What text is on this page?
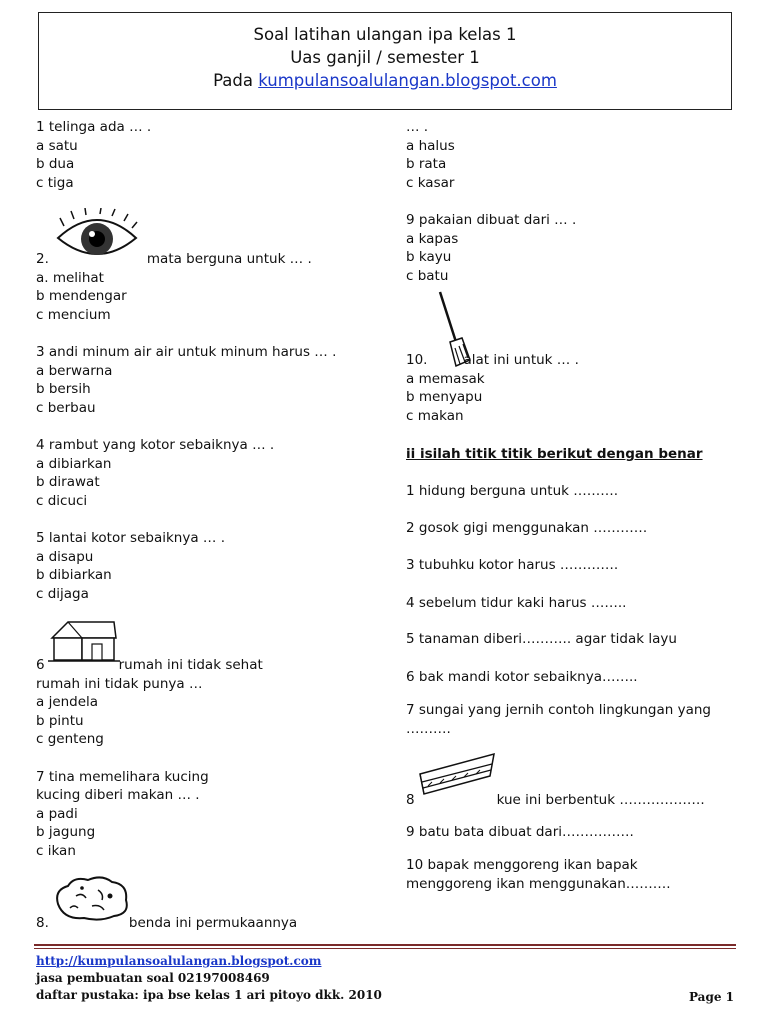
Soal latihan ulangan ipa kelas 1
Uas ganjil / semester 1
Pada kumpulansoalulangan.blogspot.com
1 telinga ada … .
a satu
b dua
c tiga
2.	mata berguna untuk … .
a. melihat
b mendengar
c mencium
3 andi minum air air untuk minum harus … .
a berwarna
b bersih
c berbau
4 rambut yang kotor sebaiknya … .
a dibiarkan
b dirawat
c dicuci
5 lantai kotor sebaiknya … .
a disapu
b dibiarkan
c dijaga
6	rumah ini tidak sehat
rumah ini tidak punya …
a jendela
b pintu
c genteng
7 tina memelihara kucing
kucing diberi makan … .
a padi
b jagung
c ikan
8.	benda ini permukaannya
… .
a halus
b rata
c kasar
9 pakaian dibuat dari … .
a kapas
b kayu
c batu
10.	alat ini untuk … .
a memasak
b menyapu
c makan
ii isilah titik titik berikut dengan benar
1 hidung berguna untuk ……….
2 gosok gigi menggunakan …………
3 tubuhku kotor harus ………….
4 sebelum tidur kaki harus ……..
5 tanaman diberi……….. agar tidak layu
6 bak mandi kotor sebaiknya……..
7 sungai yang jernih contoh lingkungan yang
……….
8	kue ini berbentuk ……………….
9 batu bata dibuat dari…………….
10 bapak menggoreng ikan bapak
menggoreng ikan menggunakan……….
http://kumpulansoalulangan.blogspot.com
jasa pembuatan soal 02197008469
daftar pustaka: ipa bse kelas 1 ari pitoyo dkk. 2010	Page 1
